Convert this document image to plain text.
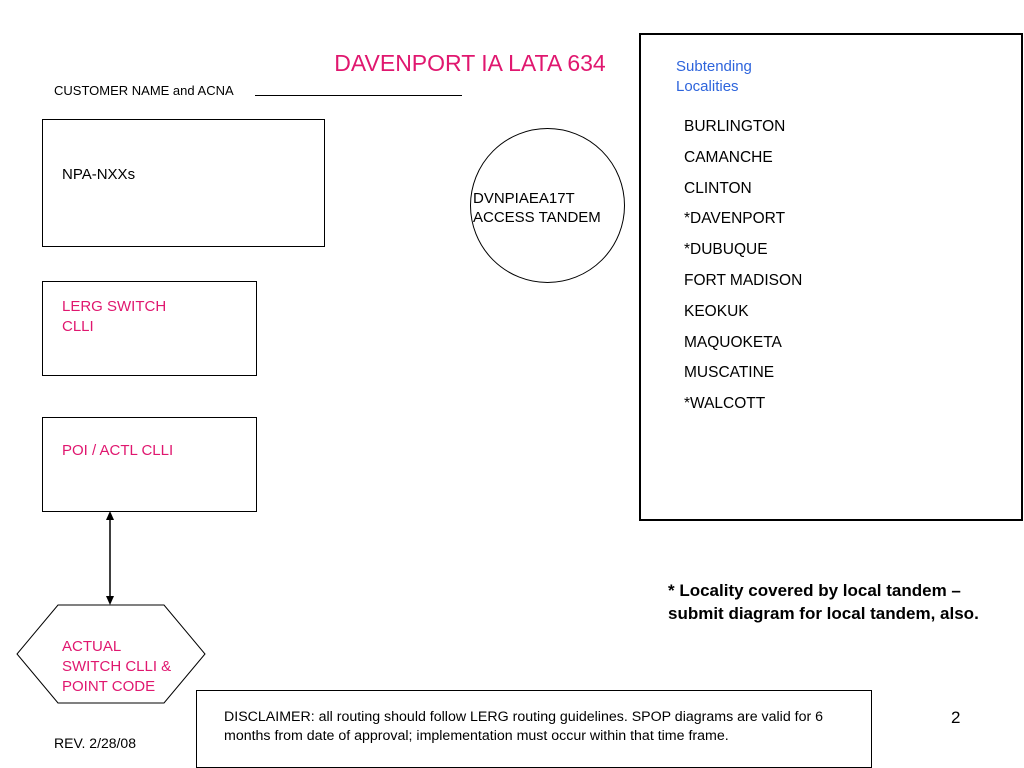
DAVENPORT IA LATA 634
CUSTOMER NAME and ACNA
NPA-NXXs
LERG SWITCH
CLLI
POI / ACTL CLLI
DVNPIAEA17T
ACCESS TANDEM
Subtending
Localities
BURLINGTON
CAMANCHE
CLINTON
*DAVENPORT
*DUBUQUE
FORT MADISON
KEOKUK
MAQUOKETA
MUSCATINE
*WALCOTT
* Locality covered by local tandem – submit diagram for local tandem, also.
ACTUAL
SWITCH CLLI &
POINT CODE
DISCLAIMER: all routing should follow LERG routing guidelines. SPOP diagrams are valid for 6 months from date of approval; implementation must occur within that time frame.
REV. 2/28/08
2
